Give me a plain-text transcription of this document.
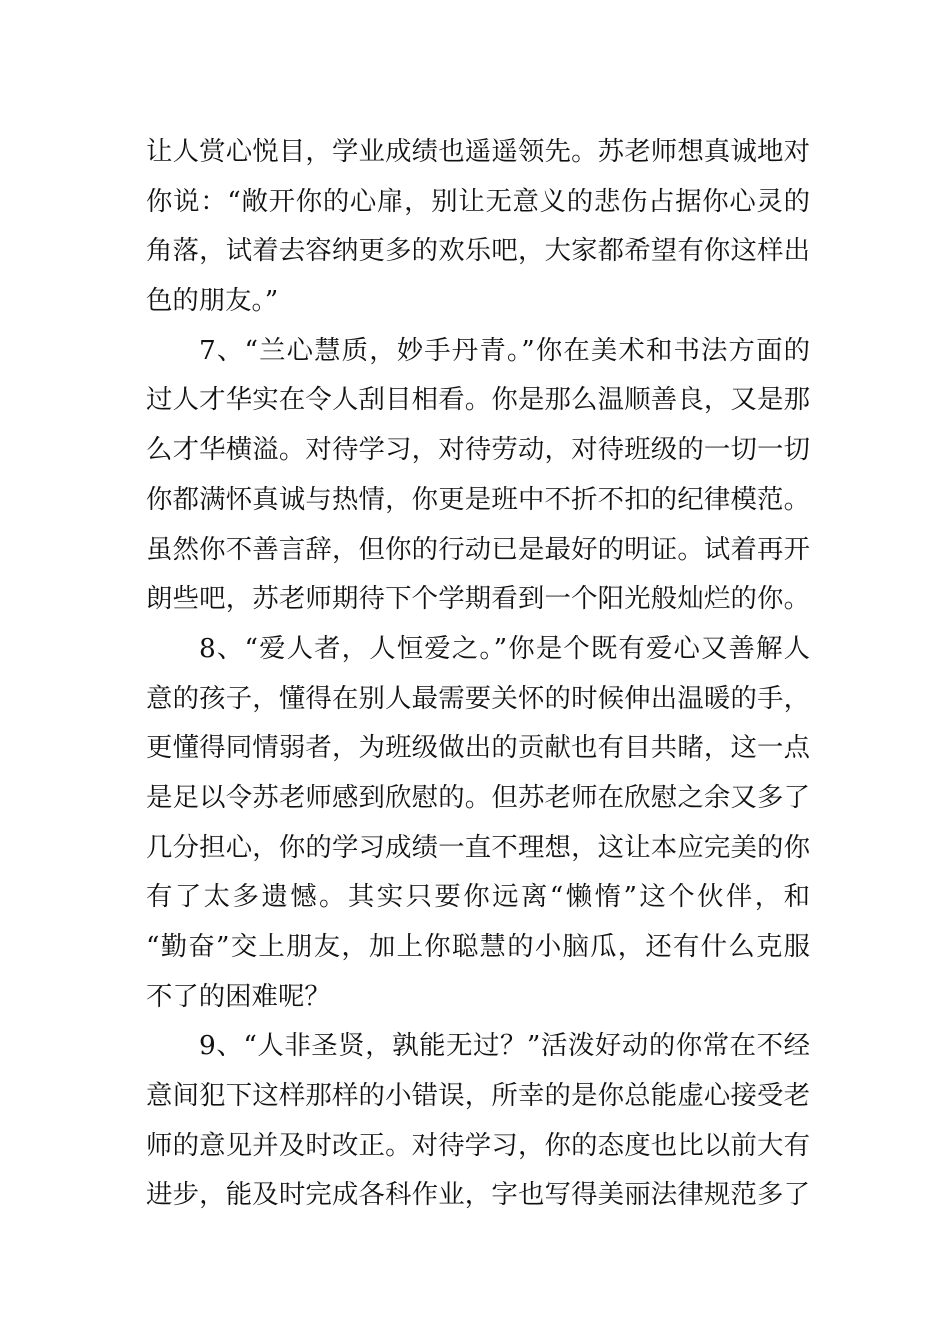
让人赏心悦目，学业成绩也遥遥领先。苏老师想真诚地对
你说：“敞开你的心扉，别让无意义的悲伤占据你心灵的
角落，试着去容纳更多的欢乐吧，大家都希望有你这样出
色的朋友。”
7、“兰心慧质，妙手丹青。”你在美术和书法方面的
过人才华实在令人刮目相看。你是那么温顺善良，又是那
么才华横溢。对待学习，对待劳动，对待班级的一切一切
你都满怀真诚与热情，你更是班中不折不扣的纪律模范。
虽然你不善言辞，但你的行动已是最好的明证。试着再开
朗些吧，苏老师期待下个学期看到一个阳光般灿烂的你。
8、“爱人者，人恒爱之。”你是个既有爱心又善解人
意的孩子，懂得在别人最需要关怀的时候伸出温暖的手，
更懂得同情弱者，为班级做出的贡献也有目共睹，这一点
是足以令苏老师感到欣慰的。但苏老师在欣慰之余又多了
几分担心，你的学习成绩一直不理想，这让本应完美的你
有了太多遗憾。其实只要你远离“懒惰”这个伙伴，和
“勤奋”交上朋友，加上你聪慧的小脑瓜，还有什么克服
不了的困难呢？
9、“人非圣贤，孰能无过？”活泼好动的你常在不经
意间犯下这样那样的小错误，所幸的是你总能虚心接受老
师的意见并及时改正。对待学习，你的态度也比以前大有
进步，能及时完成各科作业，字也写得美丽法律规范多了
